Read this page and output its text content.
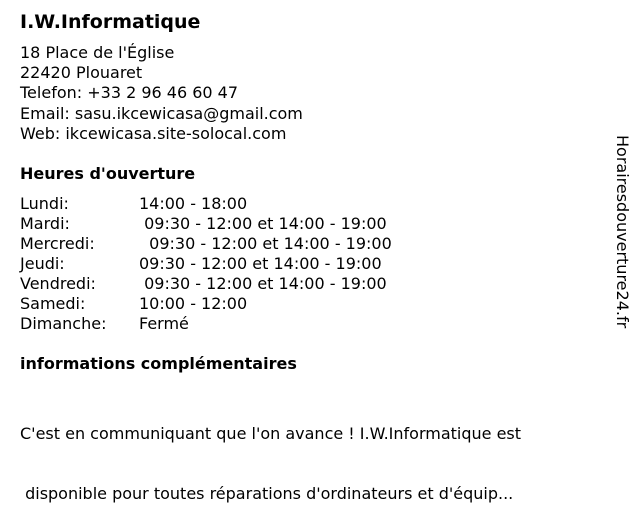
I.W.Informatique
18 Place de l'Église
22420 Plouaret
Telefon: +33 2 96 46 60 47
Email: sasu.ikcewicasa@gmail.com
Web: ikcewicasa.site-solocal.com
Heures d'ouverture
Lundi:	14:00 - 18:00
Mardi:	09:30 - 12:00 et 14:00 - 19:00
Mercredi:	09:30 - 12:00 et 14:00 - 19:00
Jeudi:	09:30 - 12:00 et 14:00 - 19:00
Vendredi:	09:30 - 12:00 et 14:00 - 19:00
Samedi:	10:00 - 12:00
Dimanche: Fermé
informations complémentaires

C'est en communiquant que l'on avance ! I.W.Informatique est

disponible pour toutes réparations d'ordinateurs et d'équip...

Horairesdouverture24.fr
